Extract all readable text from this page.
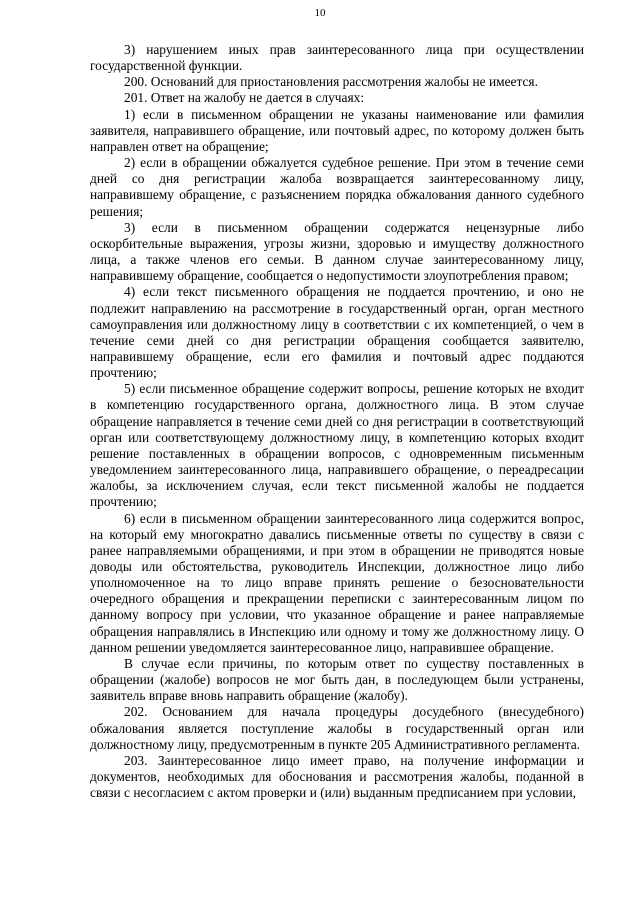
10

3) нарушением иных прав заинтересованного лица при осуществлении государственной функции.

200. Оснований для приостановления рассмотрения жалобы не имеется.

201. Ответ на жалобу не дается в случаях:

1) если в письменном обращении не указаны наименование или фамилия заявителя, направившего обращение, или почтовый адрес, по которому должен быть направлен ответ на обращение;

2) если в обращении обжалуется судебное решение. При этом в течение семи дней со дня регистрации жалоба возвращается заинтересованному лицу, направившему обращение, с разъяснением порядка обжалования данного судебного решения;

3) если в письменном обращении содержатся нецензурные либо оскорбительные выражения, угрозы жизни, здоровью и имуществу должностного лица, а также членов его семьи. В данном случае заинтересованному лицу, направившему обращение, сообщается о недопустимости злоупотребления правом;

4) если текст письменного обращения не поддается прочтению, и оно не подлежит направлению на рассмотрение в государственный орган, орган местного самоуправления или должностному лицу в соответствии с их компетенцией, о чем в течение семи дней со дня регистрации обращения сообщается заявителю, направившему обращение, если его фамилия и почтовый адрес поддаются прочтению;

5) если письменное обращение содержит вопросы, решение которых не входит в компетенцию государственного органа, должностного лица. В этом случае обращение направляется в течение семи дней со дня регистрации в соответствующий орган или соответствующему должностному лицу, в компетенцию которых входит решение поставленных в обращении вопросов, с одновременным письменным уведомлением заинтересованного лица, направившего обращение, о переадресации жалобы, за исключением случая, если текст письменной жалобы не поддается прочтению;

6) если в письменном обращении заинтересованного лица содержится вопрос, на который ему многократно давались письменные ответы по существу в связи с ранее направляемыми обращениями, и при этом в обращении не приводятся новые доводы или обстоятельства, руководитель Инспекции, должностное лицо либо уполномоченное на то лицо вправе принять решение о безосновательности очередного обращения и прекращении переписки с заинтересованным лицом по данному вопросу при условии, что указанное обращение и ранее направляемые обращения направлялись в Инспекцию или одному и тому же должностному лицу. О данном решении уведомляется заинтересованное лицо, направившее обращение.

В случае если причины, по которым ответ по существу поставленных в обращении (жалобе) вопросов не мог быть дан, в последующем были устранены, заявитель вправе вновь направить обращение (жалобу).

202. Основанием для начала процедуры досудебного (внесудебного) обжалования является поступление жалобы в государственный орган или должностному лицу, предусмотренным в пункте 205 Административного регламента.

203. Заинтересованное лицо имеет право, на получение информации и документов, необходимых для обоснования и рассмотрения жалобы, поданной в связи с несогласием с актом проверки и (или) выданным предписанием при условии,
